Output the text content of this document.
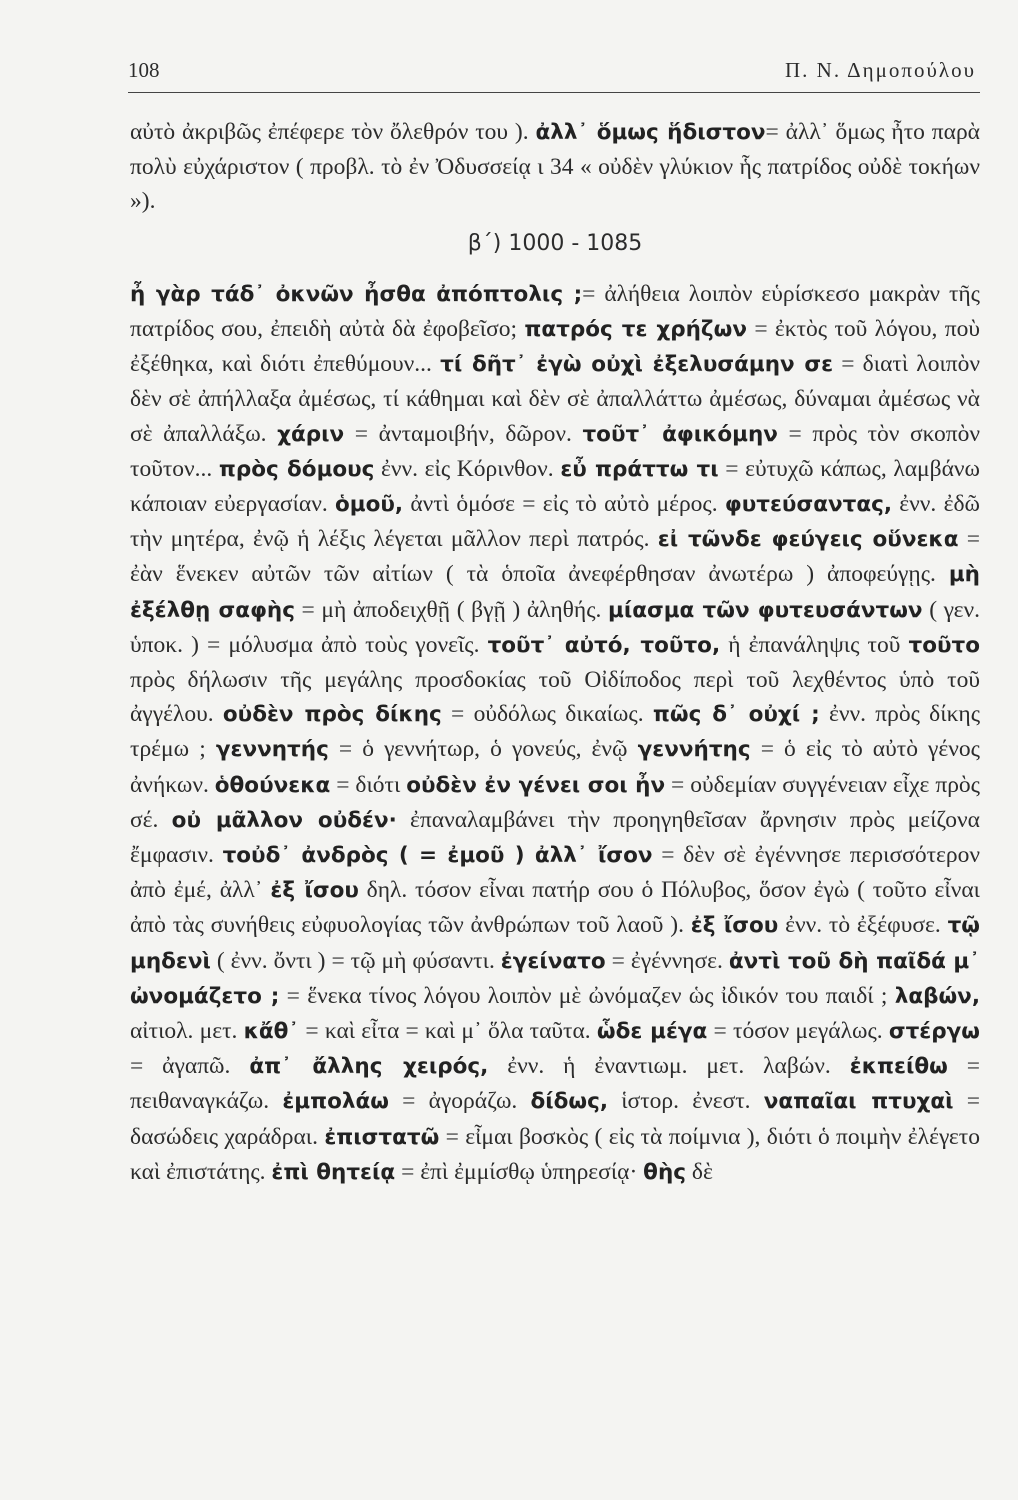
108	Π. Ν. Δημοπούλου

αὐτὸ ἀκριβῶς ἐπέφερε τὸν ὄλεθρόν του ). ἀλλ᾽ ὅμως ἥδιστον= ἀλλ᾽ ὅμως ἦτο παρὰ πολὺ εὐχάριστον ( προβλ. τὸ ἐν Ὀδυσσείᾳ ι 34 « οὐδὲν γλύκιον ἧς πατρίδος οὐδὲ τοκήων »).

β΄) 1000 - 1085

ἦ γὰρ τάδ᾽ ὀκνῶν ἦσθα ἀπόπτολις ;= ἀλήθεια λοιπὸν εὑρίσκεσο μακρὰν τῆς πατρίδος σου, ἐπειδὴ αὐτὰ δὰ ἐφοβεῖσο; πατρός τε χρήζων = ἐκτὸς τοῦ λόγου, ποὺ ἐξέθηκα, καὶ διότι ἐπεθύμουν... τί δῆτ᾽ ἐγὼ οὐχὶ ἐξελυσάμην σε = διατὶ λοιπὸν δὲν σὲ ἀπήλλαξα ἀμέσως, τί κάθημαι καὶ δὲν σὲ ἀπαλλάττω ἀμέσως, δύναμαι ἀμέσως νὰ σὲ ἀπαλλάξω. χάριν = ἀνταμοιβήν, δῶρον. τοῦτ᾽ ἀφικόμην = πρὸς τὸν σκοπὸν τοῦτον... πρὸς δόμους ἐνν. εἰς Κόρινθον. εὖ πράττω τι = εὐτυχῶ κάπως, λαμβάνω κάποιαν εὐεργασίαν. ὁμοῦ, ἀντὶ ὁμόσε = εἰς τὸ αὐτὸ μέρος. φυτεύσαντας, ἐνν. ἐδῶ τὴν μητέρα, ἐνῷ ἡ λέξις λέγεται μᾶλλον περὶ πατρός. εἰ τῶνδε φεύγεις οὕνεκα = ἐὰν ἕνεκεν αὐτῶν τῶν αἰτίων ( τὰ ὁποῖα ἀνεφέρθησαν ἀνωτέρω ) ἀποφεύγῃς. μὴ ἐξέλθῃ σαφὴς = μὴ ἀποδειχθῇ ( βγῇ ) ἀληθής. μίασμα τῶν φυτευσάντων ( γεν. ὑποκ. ) = μόλυσμα ἀπὸ τοὺς γονεῖς. τοῦτ᾽ αὐτό, τοῦτο, ἡ ἐπανάληψις τοῦ τοῦτο πρὸς δήλωσιν τῆς μεγάλης προσδοκίας τοῦ Οἰδίποδος περὶ τοῦ λεχθέντος ὑπὸ τοῦ ἀγγέλου. οὐδὲν πρὸς δίκης = οὐδόλως δικαίως. πῶς δ᾽ οὐχί ; ἐνν. πρὸς δίκης τρέμω ; γεννητής = ὁ γεννήτωρ, ὁ γονεύς, ἐνῷ γεννήτης = ὁ εἰς τὸ αὐτὸ γένος ἀνήκων. ὁθούνεκα = διότι οὐδὲν ἐν γένει σοι ἦν = οὐδεμίαν συγγένειαν εἶχε πρὸς σέ. οὐ μᾶλλον οὐδέν· ἐπαναλαμβάνει τὴν προηγηθεῖσαν ἄρνησιν πρὸς μείζονα ἔμφασιν. τοὐδ᾽ ἀνδρὸς ( = ἐμοῦ ) ἀλλ᾽ ἴσον = δὲν σὲ ἐγέννησε περισσότερον ἀπὸ ἐμέ, ἀλλ᾽ ἐξ ἴσου δηλ. τόσον εἶναι πατήρ σου ὁ Πόλυβος, ὅσον ἐγὼ ( τοῦτο εἶναι ἀπὸ τὰς συνήθεις εὐφυολογίας τῶν ἀνθρώπων τοῦ λαοῦ ). ἐξ ἴσου ἐνν. τὸ ἐξέφυσε. τῷ μηδενὶ ( ἐνν. ὄντι ) = τῷ μὴ φύσαντι. ἐγείνατο = ἐγέννησε. ἀντὶ τοῦ δὴ παῖδά μ᾽ ὠνομάζετο ; = ἕνεκα τίνος λόγου λοιπὸν μὲ ὠνόμαζεν ὡς ἰδικόν του παιδί ; λαβών, αἰτιολ. μετ. κἄθ᾽ = καὶ εἶτα = καὶ μ᾽ ὅλα ταῦτα. ὧδε μέγα = τόσον μεγάλως. στέργω = ἀγαπῶ. ἀπ᾽ ἄλλης χειρός, ἐνν. ἡ ἐναντιωμ. μετ. λαβών. ἐκπείθω = πειθαναγκάζω. ἐμπολάω = ἀγοράζω. δίδως, ἱστορ. ἐνεστ. ναπαῖαι πτυχαὶ = δασώδεις χαράδραι. ἐπιστατῶ = εἶμαι βοσκὸς ( εἰς τὰ ποίμνια ), διότι ὁ ποιμὴν ἐλέγετο καὶ ἐπιστάτης. ἐπὶ θητείᾳ = ἐπὶ ἐμμίσθῳ ὑπηρεσίᾳ· θὴς δὲ
